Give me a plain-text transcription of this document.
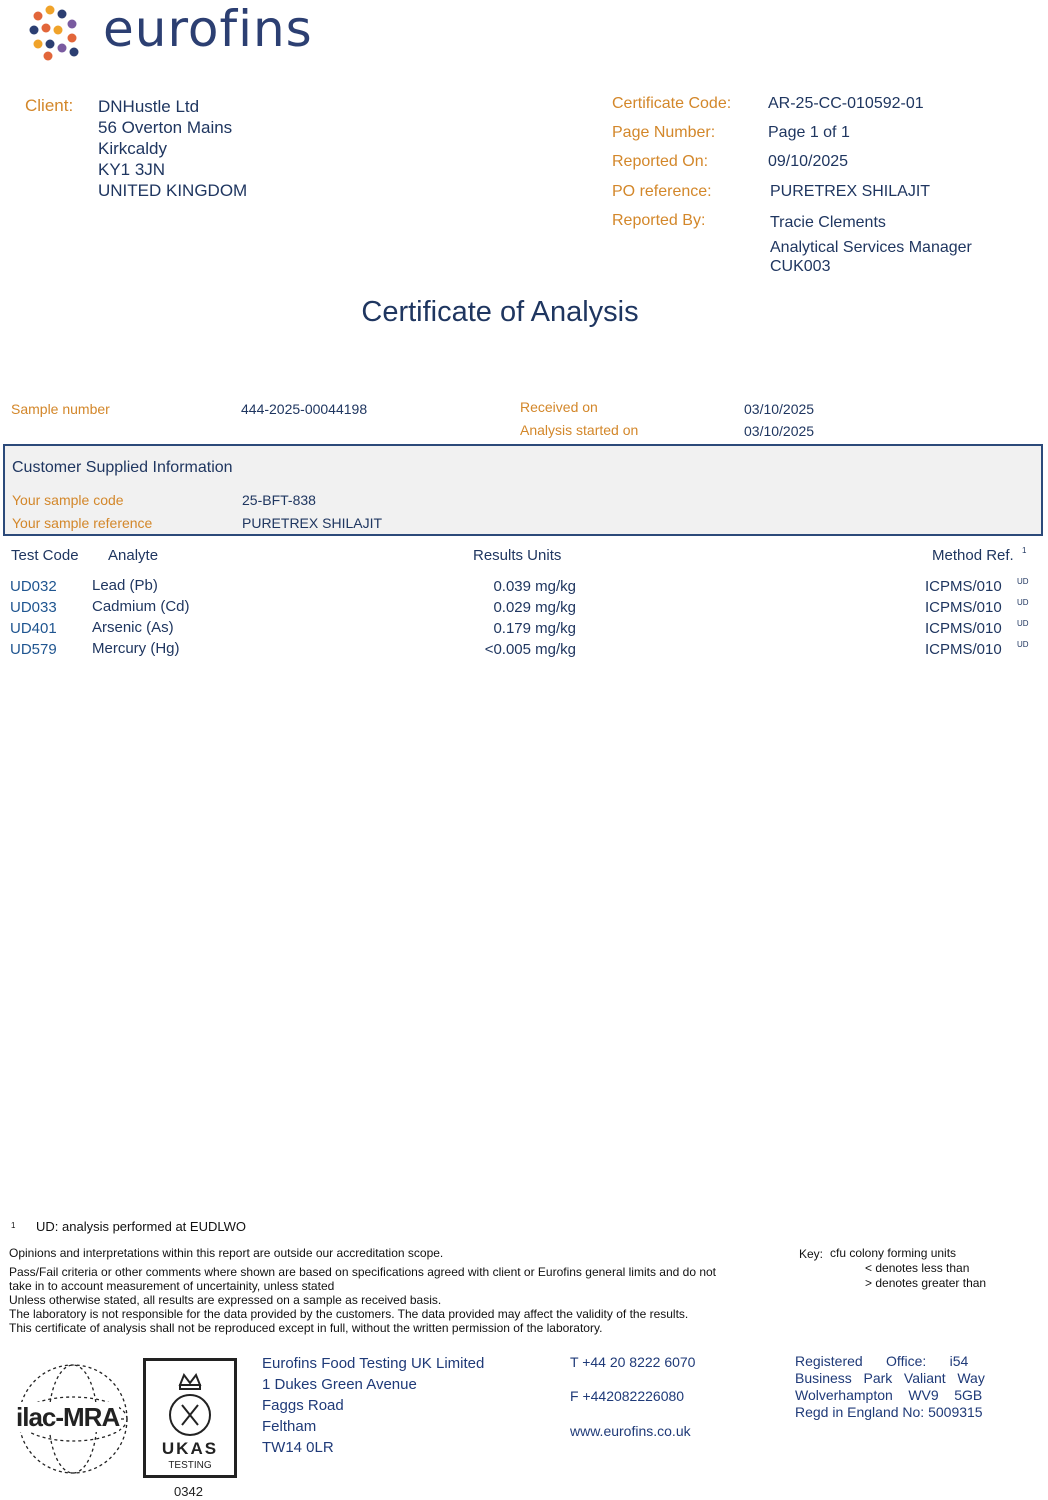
eurofins
Client: DNHustle Ltd
56 Overton Mains
Kirkcaldy
KY1 3JN
UNITED KINGDOM
Certificate Code: AR-25-CC-010592-01
Page Number:	Page 1 of 1
Reported On:	09/10/2025
PO reference:	PURETREX SHILAJIT
Reported By:	Tracie Clements
Analytical Services Manager
CUK003
Certificate of Analysis
Sample number	444-2025-00044198	Received on	03/10/2025
Analysis started on	03/10/2025
Customer Supplied Information
Your sample code	25-BFT-838
Your sample reference	PURETREX SHILAJIT
Test Code Analyte	Results Units	Method Ref. 1
UD032 Lead (Pb)	0.039 mg/kg	ICPMS/010 UD
UD033 Cadmium (Cd)	0.029 mg/kg	ICPMS/010 UD
UD401 Arsenic (As)	0.179 mg/kg	ICPMS/010 UD
UD579 Mercury (Hg)	<0.005 mg/kg	ICPMS/010 UD
1 UD: analysis performed at EUDLWO
Opinions and interpretations within this report are outside our accreditation scope.
Pass/Fail criteria or other comments where shown are based on specifications agreed with client or Eurofins general limits and do not
take in to account measurement of uncertainity, unless stated
Unless otherwise stated, all results are expressed on a sample as received basis.
The laboratory is not responsible for the data provided by the customers. The data provided may affect the validity of the results.
This certificate of analysis shall not be reproduced except in full, without the written permission of the laboratory.
Key: cfu colony forming units
< denotes less than
> denotes greater than
ilac-MRA
UKAS
TESTING
0342
Eurofins Food Testing UK Limited
1 Dukes Green Avenue
Faggs Road
Feltham
TW14 0LR
T +44 20 8222 6070
F +442082226080
www.eurofins.co.uk
Registered      Office:      i54
Business   Park   Valiant   Way
Wolverhampton    WV9    5GB
Regd in England No: 5009315
